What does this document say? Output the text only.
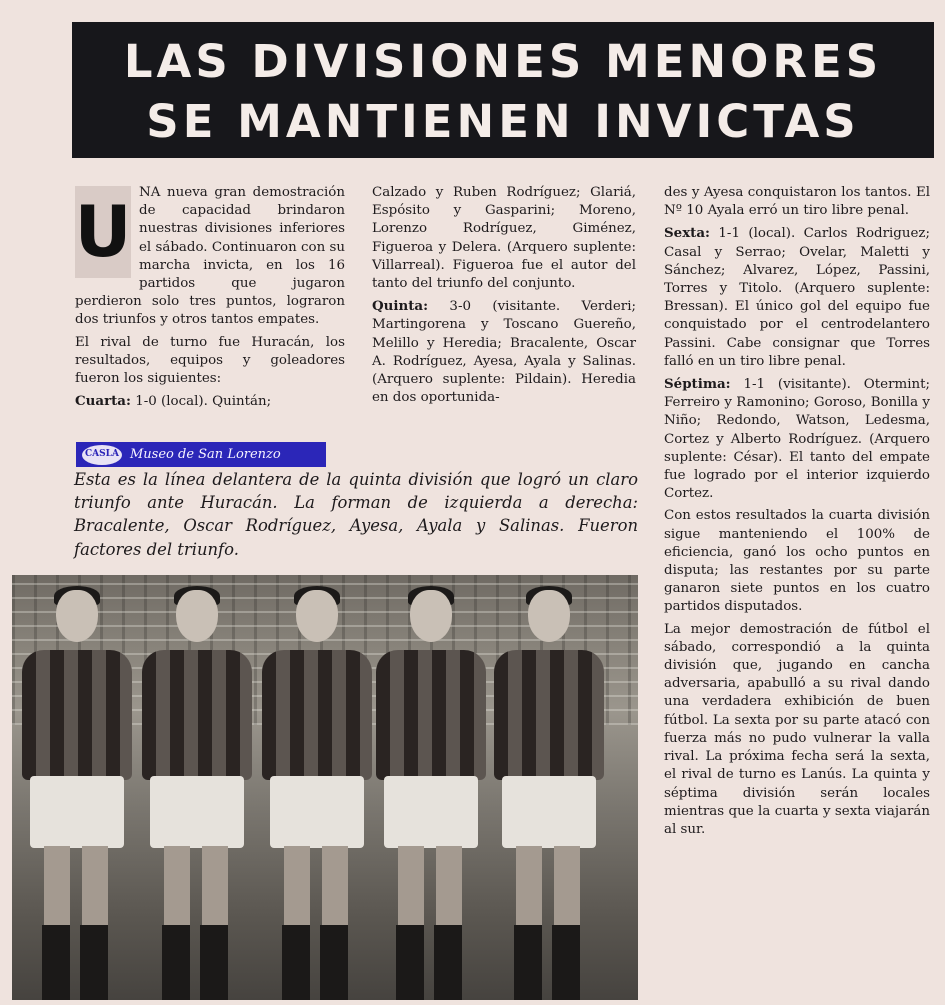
LAS DIVISIONES MENORES
SE MANTIENEN INVICTAS
U NA nueva gran demostración de capacidad brindaron nuestras divisiones inferiores el sábado. Continuaron con su marcha invicta, en los 16 partidos que jugaron perdieron solo tres puntos, lograron dos triunfos y otros tantos empates.

El rival de turno fue Huracán, los resultados, equipos y goleadores fueron los siguientes:

Cuarta: 1-0 (local). Quintán;

Calzado y Ruben Rodríguez; Glariá, Espósito y Gasparini; Moreno, Lorenzo Rodríguez, Giménez, Figueroa y Delera. (Arquero suplente: Villarreal). Figueroa fue el autor del tanto del triunfo del conjunto.

Quinta: 3-0 (visitante. Verderi; Martingorena y Toscano Guereño, Melillo y Heredia; Bracalente, Oscar A. Rodríguez, Ayesa, Ayala y Salinas. (Arquero suplente: Pildain). Heredia en dos oportunida-

des y Ayesa conquistaron los tantos. El Nº 10 Ayala erró un tiro libre penal.

Sexta: 1-1 (local). Carlos Rodriguez; Casal y Serrao; Ovelar, Maletti y Sánchez; Alvarez, López, Passini, Torres y Titolo. (Arquero suplente: Bressan). El único gol del equipo fue conquistado por el centrodelantero Passini. Cabe consignar que Torres falló en un tiro libre penal.

Séptima: 1-1 (visitante). Otermint; Ferreiro y Ramonino; Goroso, Bonilla y Niño; Redondo, Watson, Ledesma, Cortez y Alberto Rodríguez. (Arquero suplente: César). El tanto del empate fue logrado por el interior izquierdo Cortez.

Con estos resultados la cuarta división sigue manteniendo el 100% de eficiencia, ganó los ocho puntos en disputa; las restantes por su parte ganaron siete puntos en los cuatro partidos disputados.

La mejor demostración de fútbol el sábado, correspondió a la quinta división que, jugando en cancha adversaria, apabulló a su rival dando una verdadera exhibición de buen fútbol. La sexta por su parte atacó con fuerza más no pudo vulnerar la valla rival. La próxima fecha será la sexta, el rival de turno es Lanús. La quinta y séptima división serán locales mientras que la cuarta y sexta viajarán al sur.

CASLA Museo de San Lorenzo
Esta es la línea delantera de la quinta división que logró un claro triunfo ante Huracán. La forman de izquierda a derecha: Bracalente, Oscar Rodríguez, Ayesa, Ayala y Salinas. Fueron factores del triunfo.
